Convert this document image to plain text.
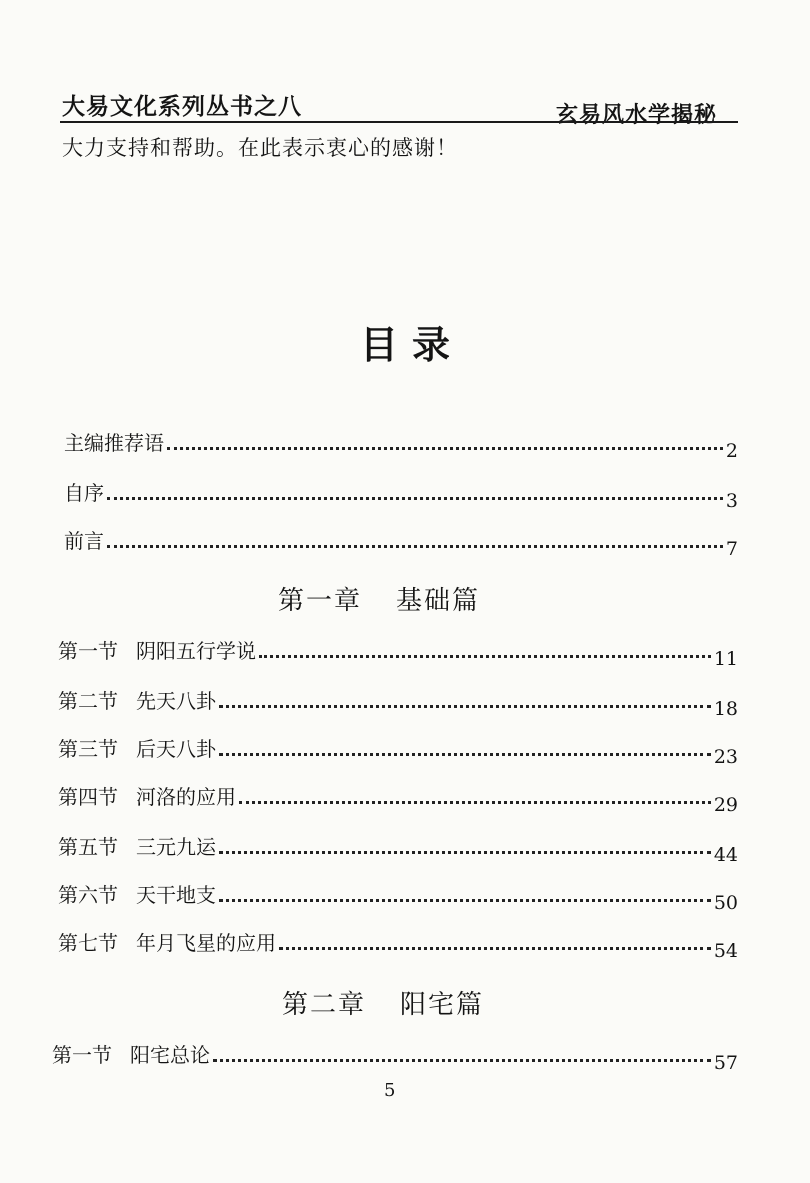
大易文化系列丛书之八	玄易风水学揭秘
大力支持和帮助。在此表示衷心的感谢！
目录
主编推荐语	2
自序	3
前言	7
第一章 基础篇
第一节 阴阳五行学说	11
第二节 先天八卦	18
第三节 后天八卦	23
第四节 河洛的应用	29
第五节 三元九运	44
第六节 天干地支	50
第七节 年月飞星的应用	54
第二章 阳宅篇
第一节 阳宅总论	57
5
